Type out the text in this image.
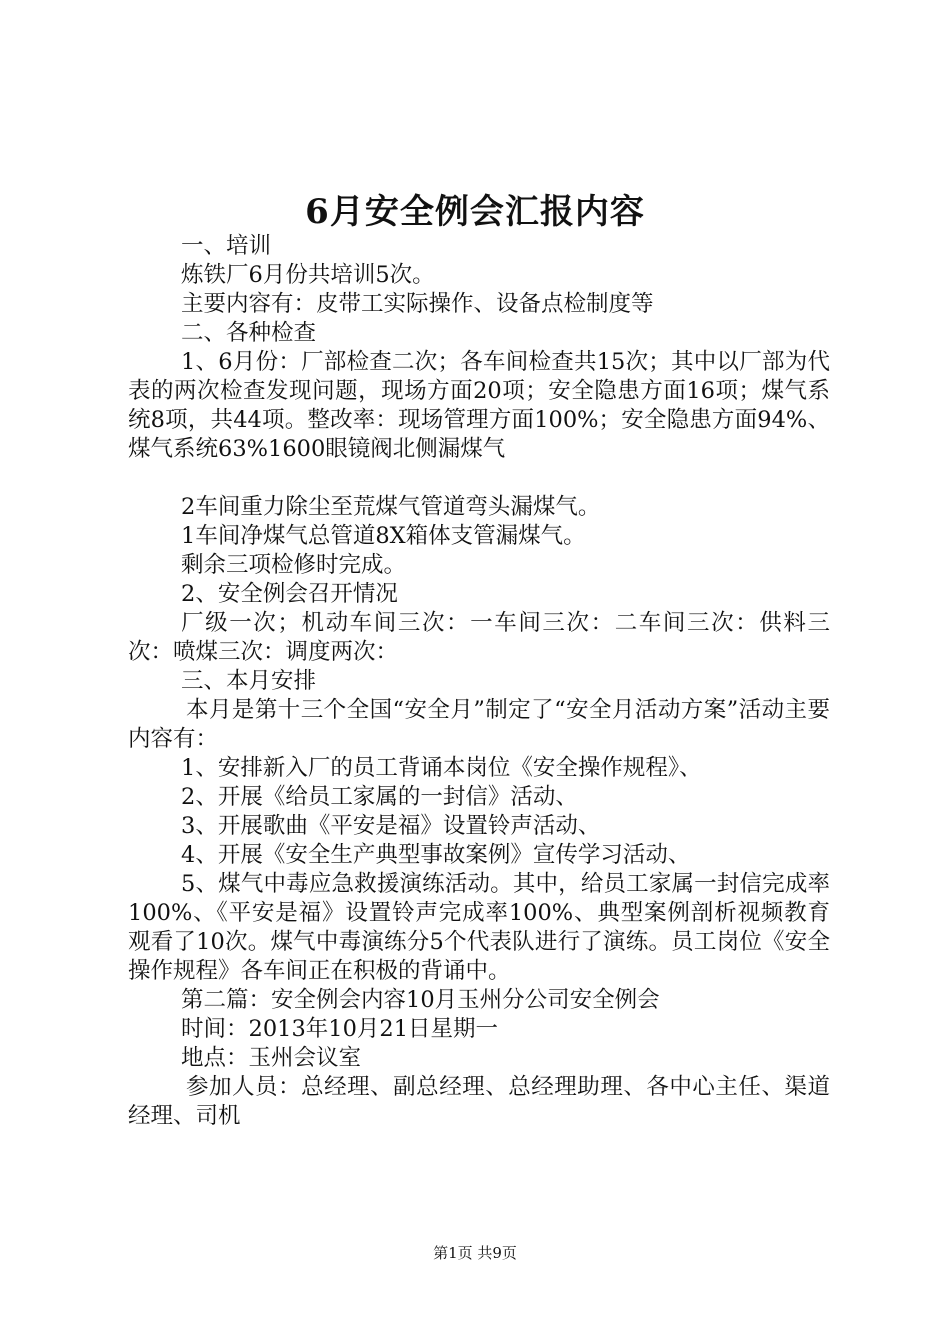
6月安全例会汇报内容

一、培训

炼铁厂6月份共培训5次。

主要内容有：皮带工实际操作、设备点检制度等

二、各种检查

1、6月份：厂部检查二次；各车间检查共15次；其中以厂部为代表的两次检查发现问题，现场方面20项；安全隐患方面16项；煤气系统8项，共44项。整改率：现场管理方面100%；安全隐患方面94%、煤气系统63%1600眼镜阀北侧漏煤气

2车间重力除尘至荒煤气管道弯头漏煤气。

1车间净煤气总管道8X箱体支管漏煤气。

剩余三项检修时完成。

2、安全例会召开情况

厂级一次；机动车间三次：一车间三次：二车间三次：供料三次：喷煤三次：调度两次：

三、本月安排

本月是第十三个全国“安全月”制定了“安全月活动方案”活动主要内容有：

1、安排新入厂的员工背诵本岗位《安全操作规程》、

2、开展《给员工家属的一封信》活动、

3、开展歌曲《平安是福》设置铃声活动、

4、开展《安全生产典型事故案例》宣传学习活动、

5、煤气中毒应急救援演练活动。其中，给员工家属一封信完成率100%、《平安是福》设置铃声完成率100%、典型案例剖析视频教育观看了10次。煤气中毒演练分5个代表队进行了演练。员工岗位《安全操作规程》各车间正在积极的背诵中。

第二篇：安全例会内容10月玉州分公司安全例会

时间：2013年10月21日星期一

地点：玉州会议室

参加人员：总经理、副总经理、总经理助理、各中心主任、渠道经理、司机

第1页 共9页
